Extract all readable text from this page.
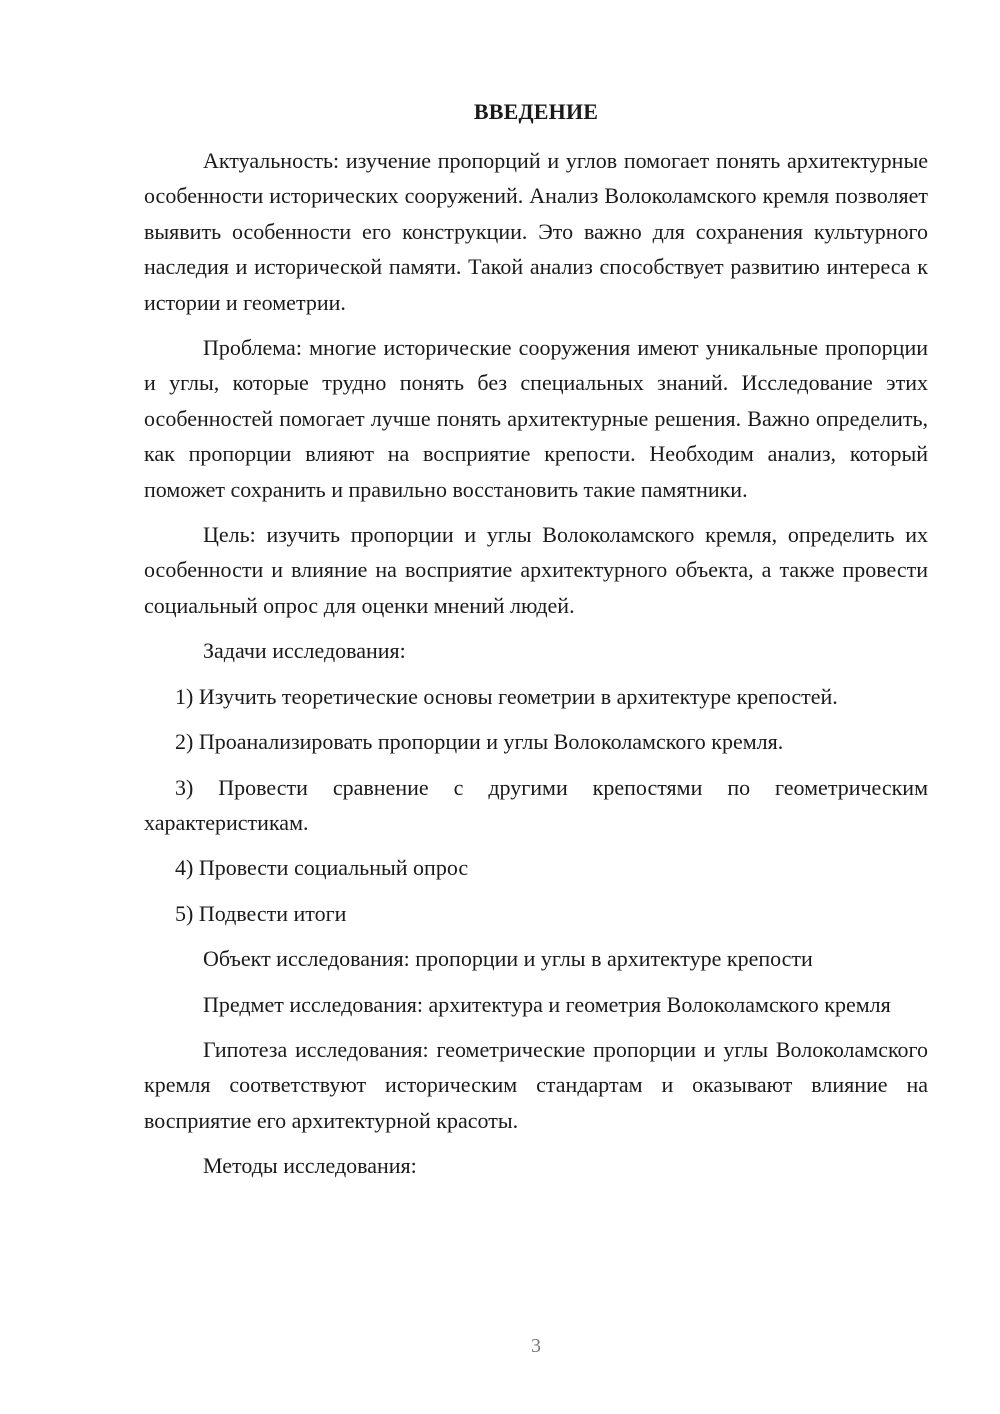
ВВЕДЕНИЕ

Актуальность: изучение пропорций и углов помогает понять архитектурные особенности исторических сооружений. Анализ Волоколамского кремля позволяет выявить особенности его конструкции. Это важно для сохранения культурного наследия и исторической памяти. Такой анализ способствует развитию интереса к истории и геометрии.

Проблема: многие исторические сооружения имеют уникальные пропорции и углы, которые трудно понять без специальных знаний. Исследование этих особенностей помогает лучше понять архитектурные решения. Важно определить, как пропорции влияют на восприятие крепости. Необходим анализ, который поможет сохранить и правильно восстановить такие памятники.

Цель: изучить пропорции и углы Волоколамского кремля, определить их особенности и влияние на восприятие архитектурного объекта, а также провести социальный опрос для оценки мнений людей.

Задачи исследования:

1) Изучить теоретические основы геометрии в архитектуре крепостей.

2) Проанализировать пропорции и углы Волоколамского кремля.

3) Провести сравнение с другими крепостями по геометрическим характеристикам.

4) Провести социальный опрос

5) Подвести итоги

Объект исследования: пропорции и углы в архитектуре крепости

Предмет исследования: архитектура и геометрия Волоколамского кремля

Гипотеза исследования: геометрические пропорции и углы Волоколамского кремля соответствуют историческим стандартам и оказывают влияние на восприятие его архитектурной красоты.

Методы исследования:

3
